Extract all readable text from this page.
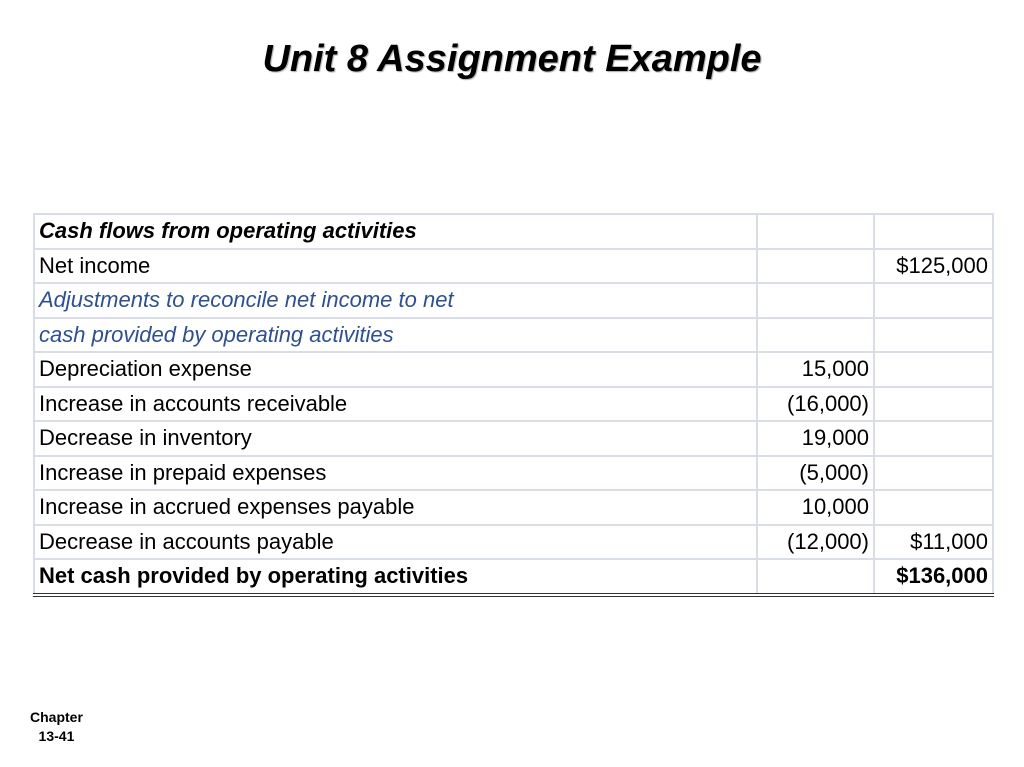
Unit 8 Assignment Example
Cash flows from operating activities		
Net income		$125,000
Adjustments to reconcile net income to net		
cash provided by operating activities		
Depreciation expense	15,000	
Increase in accounts receivable	(16,000)	
Decrease in inventory	19,000	
Increase in prepaid expenses	(5,000)	
Increase in accrued expenses payable	10,000	
Decrease in accounts payable	(12,000)	$11,000
Net cash provided by operating activities		$136,000
Chapter
13-41
